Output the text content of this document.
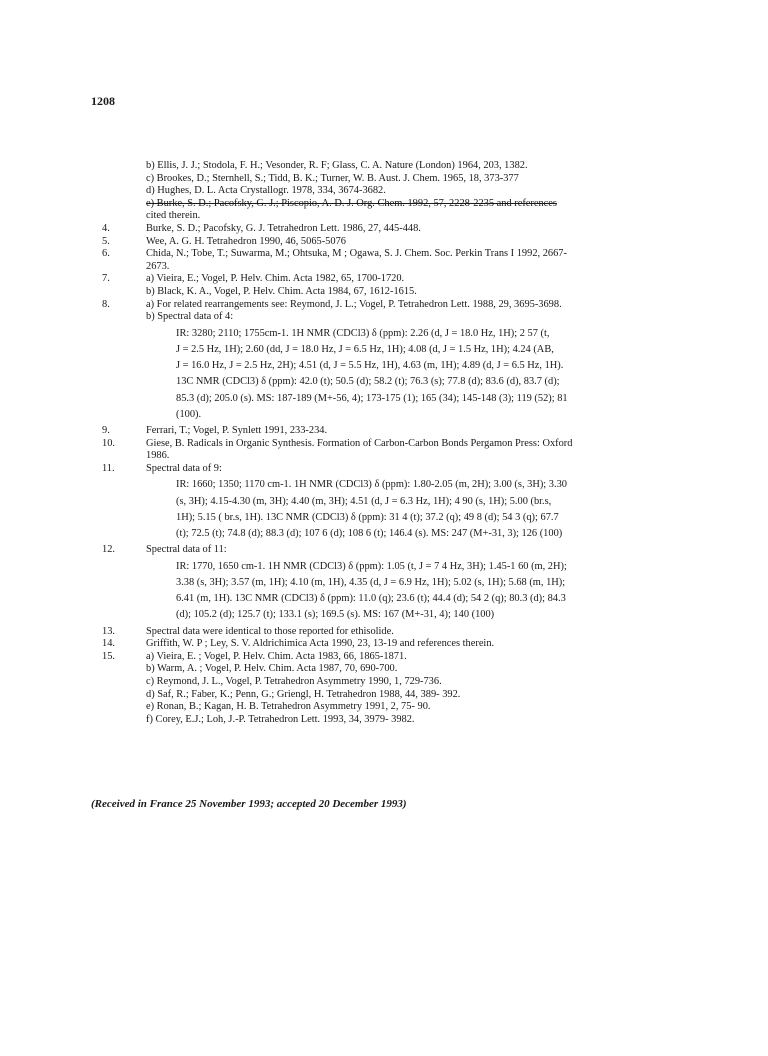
1208
b) Ellis, J. J.; Stodola, F. H.; Vesonder, R. F; Glass, C. A. Nature (London) 1964, 203, 1382.
c) Brookes, D.; Sternhell, S.; Tidd, B. K.; Turner, W. B. Aust. J. Chem. 1965, 18, 373-377
d) Hughes, D. L. Acta Crystallogr. 1978, 334, 3674-3682.
e) Burke, S. D.; Pacofsky, G. J.; Piscopio, A. D. J. Org. Chem. 1992, 57, 2228-2235 and references
cited therein.
4.	Burke, S. D.; Pacofsky, G. J. Tetrahedron Lett. 1986, 27, 445-448.
5.	Wee, A. G. H. Tetrahedron 1990, 46, 5065-5076
6.	Chida, N.; Tobe, T.; Suwarma, M.; Ohtsuka, M ; Ogawa, S. J. Chem. Soc. Perkin Trans I 1992, 2667-
2673.
7.	a) Vieira, E.; Vogel, P. Helv. Chim. Acta 1982, 65, 1700-1720.
b) Black, K. A., Vogel, P. Helv. Chim. Acta 1984, 67, 1612-1615.
8.	a) For related rearrangements see: Reymond, J. L.; Vogel, P. Tetrahedron Lett. 1988, 29, 3695-3698.
b) Spectral data of 4:
IR: 3280; 2110; 1755cm-1. 1H NMR (CDCl3) δ (ppm): 2.26 (d, J = 18.0 Hz, 1H); 2 57 (t,
J = 2.5 Hz, 1H); 2.60 (dd, J = 18.0 Hz, J = 6.5 Hz, 1H); 4.08 (d, J = 1.5 Hz, 1H); 4.24 (AB,
J = 16.0 Hz, J = 2.5 Hz, 2H); 4.51 (d, J = 5.5 Hz, 1H), 4.63 (m, 1H); 4.89 (d, J = 6.5 Hz, 1H).
13C NMR (CDCl3) δ (ppm): 42.0 (t); 50.5 (d); 58.2 (t); 76.3 (s); 77.8 (d); 83.6 (d), 83.7 (d);
85.3 (d); 205.0 (s). MS: 187-189 (M+-56, 4); 173-175 (1); 165 (34); 145-148 (3); 119 (52); 81
(100).
9.	Ferrari, T.; Vogel, P. Synlett 1991, 233-234.
10.	Giese, B. Radicals in Organic Synthesis. Formation of Carbon-Carbon Bonds Pergamon Press: Oxford
1986.
11.	Spectral data of 9:
IR: 1660; 1350; 1170 cm-1. 1H NMR (CDCl3) δ (ppm): 1.80-2.05 (m, 2H); 3.00 (s, 3H); 3.30
(s, 3H); 4.15-4.30 (m, 3H); 4.40 (m, 3H); 4.51 (d, J = 6.3 Hz, 1H); 4 90 (s, 1H); 5.00 (br.s,
1H); 5.15 ( br.s, 1H). 13C NMR (CDCl3) δ (ppm): 31 4 (t); 37.2 (q); 49 8 (d); 54 3 (q); 67.7
(t); 72.5 (t); 74.8 (d); 88.3 (d); 107 6 (d); 108 6 (t); 146.4 (s). MS: 247 (M+-31, 3); 126 (100)
12.	Spectral data of 11:
IR: 1770, 1650 cm-1. 1H NMR (CDCl3) δ (ppm): 1.05 (t, J = 7 4 Hz, 3H); 1.45-1 60 (m, 2H);
3.38 (s, 3H); 3.57 (m, 1H); 4.10 (m, 1H), 4.35 (d, J = 6.9 Hz, 1H); 5.02 (s, 1H); 5.68 (m, 1H);
6.41 (m, 1H). 13C NMR (CDCl3) δ (ppm): 11.0 (q); 23.6 (t); 44.4 (d); 54 2 (q); 80.3 (d); 84.3
(d); 105.2 (d); 125.7 (t); 133.1 (s); 169.5 (s). MS: 167 (M+-31, 4); 140 (100)
13.	Spectral data were identical to those reported for ethisolide.
14.	Griffith, W. P ; Ley, S. V. Aldrichimica Acta 1990, 23, 13-19 and references therein.
15.	a) Vieira, E. ; Vogel, P. Helv. Chim. Acta 1983, 66, 1865-1871.
b) Warm, A. ; Vogel, P. Helv. Chim. Acta 1987, 70, 690-700.
c) Reymond, J. L., Vogel, P. Tetrahedron Asymmetry 1990, 1, 729-736.
d) Saf, R.; Faber, K.; Penn, G.; Griengl, H. Tetrahedron 1988, 44, 389- 392.
e) Ronan, B.; Kagan, H. B. Tetrahedron Asymmetry 1991, 2, 75- 90.
f) Corey, E.J.; Loh, J.-P. Tetrahedron Lett. 1993, 34, 3979- 3982.
(Received in France 25 November 1993; accepted 20 December 1993)
